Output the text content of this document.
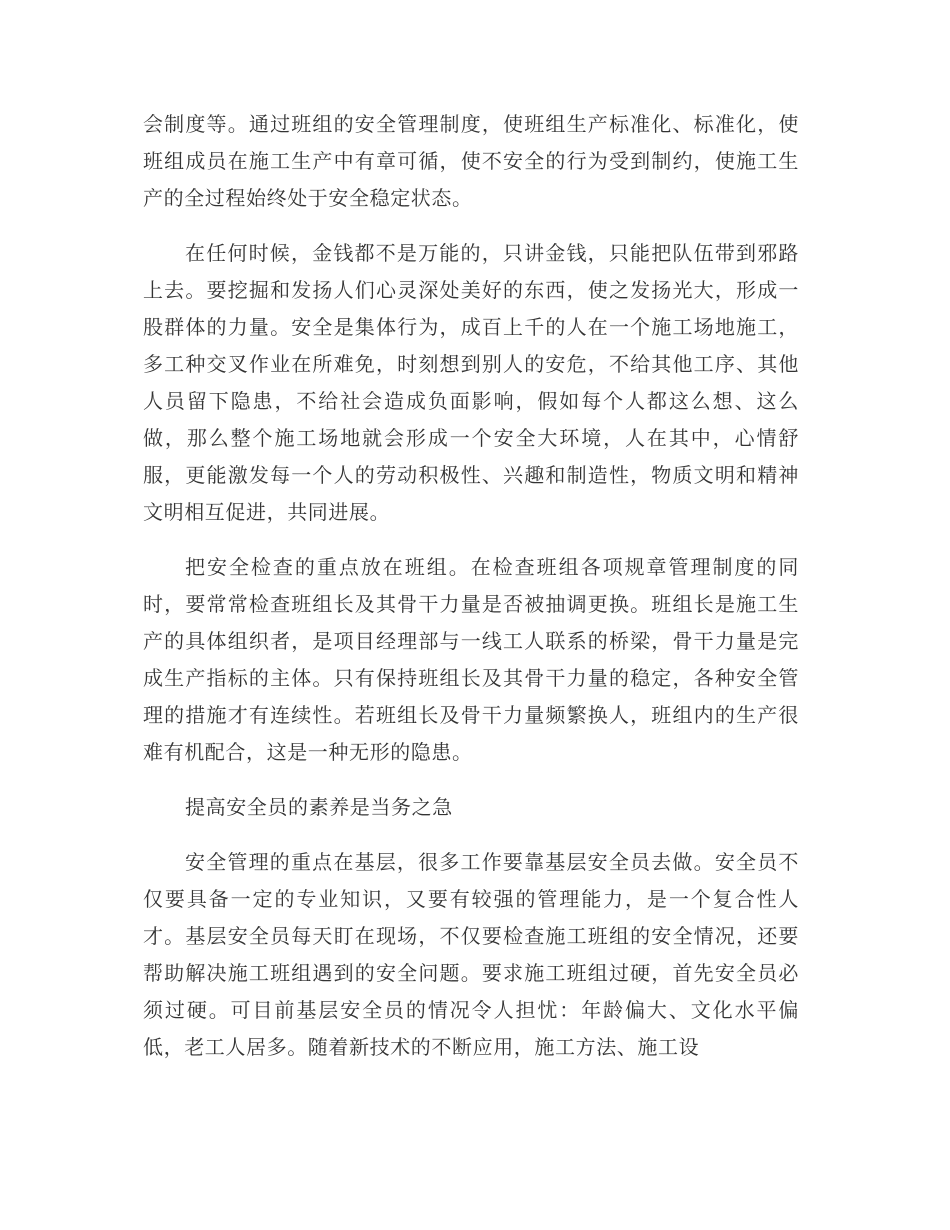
会制度等。通过班组的安全管理制度，使班组生产标准化、标准化，使班组成员在施工生产中有章可循，使不安全的行为受到制约，使施工生产的全过程始终处于安全稳定状态。

在任何时候，金钱都不是万能的，只讲金钱，只能把队伍带到邪路上去。要挖掘和发扬人们心灵深处美好的东西，使之发扬光大，形成一股群体的力量。安全是集体行为，成百上千的人在一个施工场地施工，多工种交叉作业在所难免，时刻想到别人的安危，不给其他工序、其他人员留下隐患，不给社会造成负面影响，假如每个人都这么想、这么做，那么整个施工场地就会形成一个安全大环境，人在其中，心情舒服，更能激发每一个人的劳动积极性、兴趣和制造性，物质文明和精神文明相互促进，共同进展。

把安全检查的重点放在班组。在检查班组各项规章管理制度的同时，要常常检查班组长及其骨干力量是否被抽调更换。班组长是施工生产的具体组织者，是项目经理部与一线工人联系的桥梁，骨干力量是完成生产指标的主体。只有保持班组长及其骨干力量的稳定，各种安全管理的措施才有连续性。若班组长及骨干力量频繁换人，班组内的生产很难有机配合，这是一种无形的隐患。

提高安全员的素养是当务之急

安全管理的重点在基层，很多工作要靠基层安全员去做。安全员不仅要具备一定的专业知识，又要有较强的管理能力，是一个复合性人才。基层安全员每天盯在现场，不仅要检查施工班组的安全情况，还要帮助解决施工班组遇到的安全问题。要求施工班组过硬，首先安全员必须过硬。可目前基层安全员的情况令人担忧：年龄偏大、文化水平偏低，老工人居多。随着新技术的不断应用，施工方法、施工设
